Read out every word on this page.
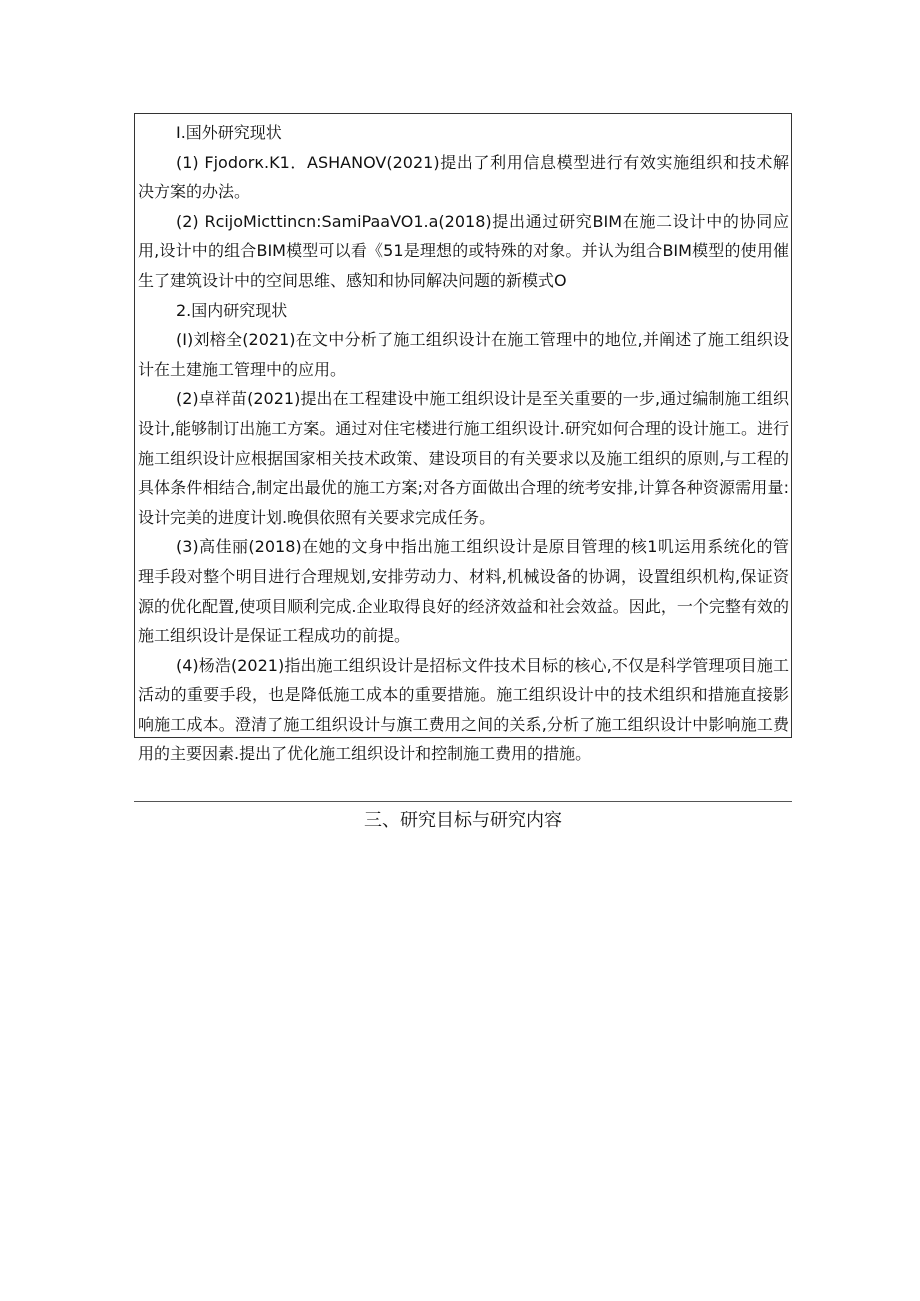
I.国外研究现状

(1) Fjodorк.K1．ASHANOV(2021)提出了利用信息模型进行有效实施组织和技术解决方案的办法。

(2) RcijoMicttincn:SamiPaaVO1.a(2018)提出通过研究BIM在施二设计中的协同应用,设计中的组合BIM模型可以看《51是理想的或特殊的对象。并认为组合BIM模型的使用催生了建筑设计中的空间思维、感知和协同解决问题的新模式O

2.国内研究现状

(I)刘榕全(2021)在文中分析了施工组织设计在施工管理中的地位,并阐述了施工组织设计在土建施工管理中的应用。

(2)卓祥苗(2021)提出在工程建设中施工组织设计是至关重要的一步,通过编制施工组织设计,能够制订出施工方案。通过对住宅楼进行施工组织设计.研究如何合理的设计施工。进行施工组织设计应根据国家相关技术政策、建设项目的有关要求以及施工组织的原则,与工程的具体条件相结合,制定出最优的施工方案;对各方面做出合理的统考安排,计算各种资源需用量:设计完美的进度计划.晚倶依照有关要求完成任务。

(3)高佳丽(2018)在她的文身中指出施工组织设计是原目管理的核1叽运用系统化的管理手段对整个明目进行合理规划,安排劳动力、材料,机械设备的协调，设置组织机构,保证资源的优化配置,使项目顺利完成.企业取得良好的经济效益和社会效益。因此，一个完整有效的施工组织设计是保证工程成功的前提。

(4)杨浩(2021)指出施工组织设计是招标文件技术目标的核心,不仅是科学管理项目施工活动的重要手段，也是降低施工成本的重要措施。施工组织设计中的技术组织和措施直接影响施工成本。澄清了施工组织设计与旗工费用之间的关系,分析了施工组织设计中影响施工费用的主要因素.提出了优化施工组织设计和控制施工费用的措施。

三、研究目标与研究内容
